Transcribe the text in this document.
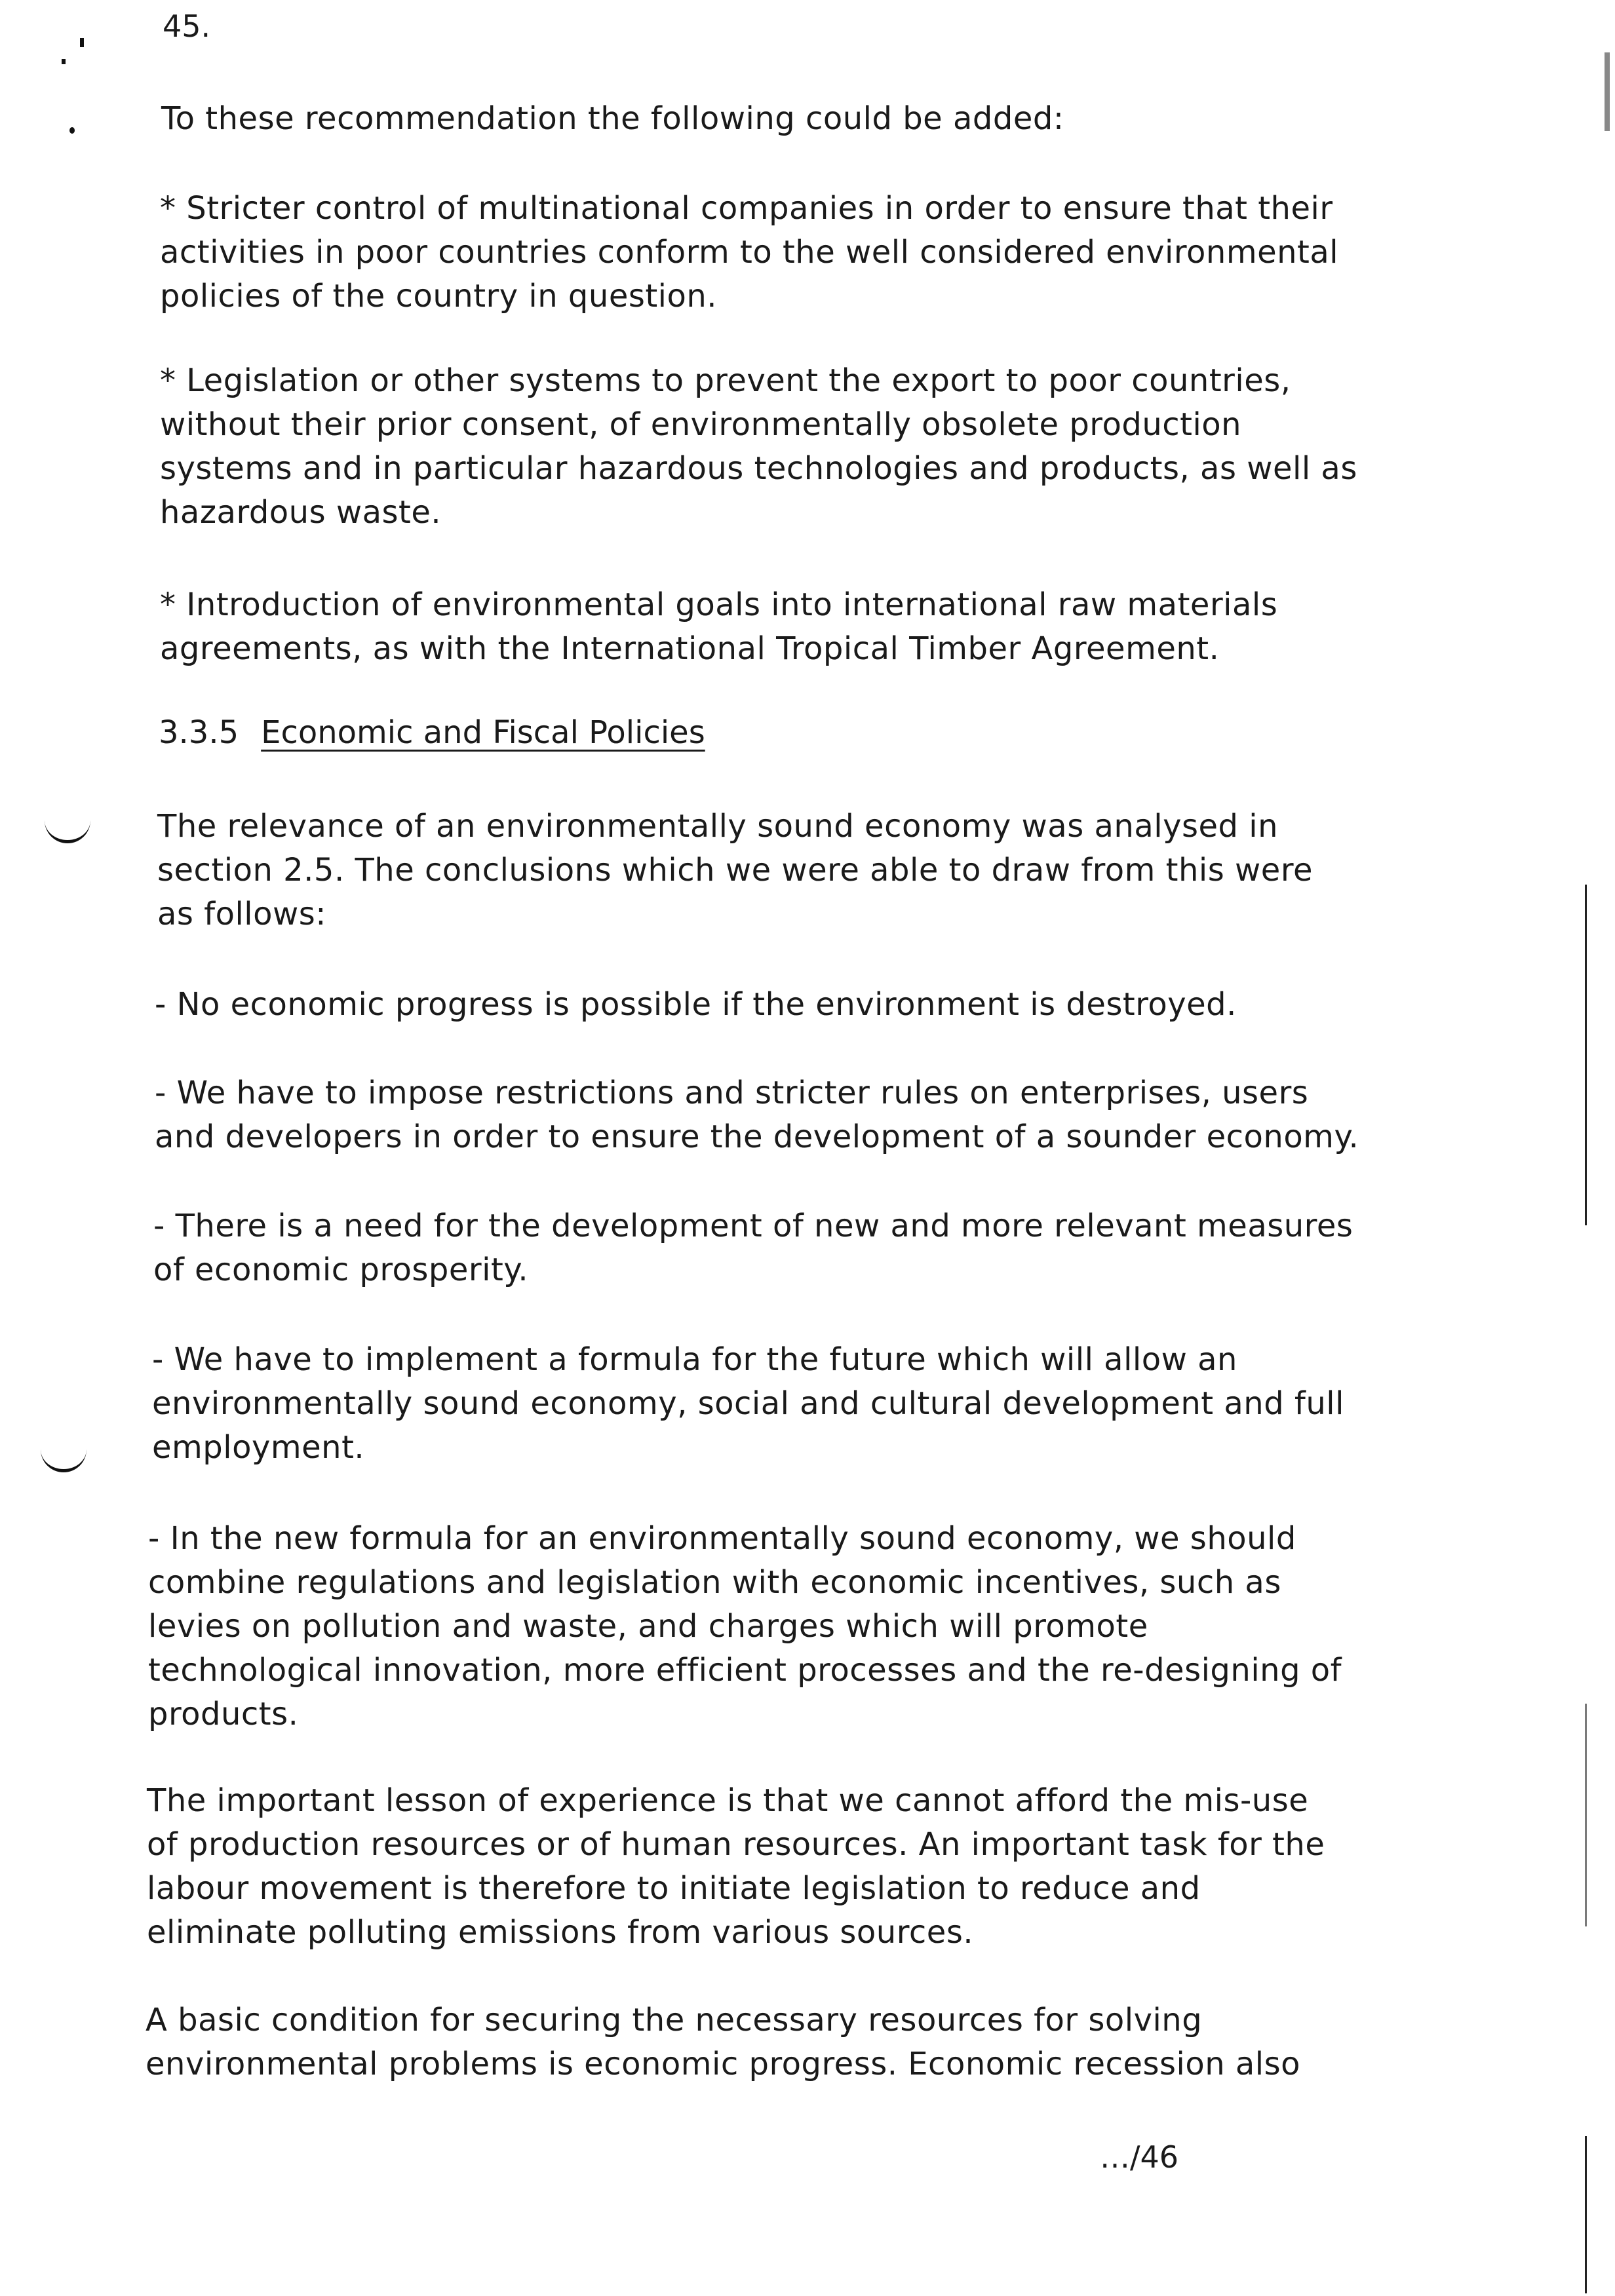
45.
To these recommendation the following could be added:
* Stricter control of multinational companies in order to ensure that their
activities in poor countries conform to the well considered environmental
policies of the country in question.
* Legislation or other systems to prevent the export to poor countries,
without their prior consent, of environmentally obsolete production
systems and in particular hazardous technologies and products, as well as
hazardous waste.
* Introduction of environmental goals into international raw materials
agreements, as with the International Tropical Timber Agreement.
3.3.5 Economic and Fiscal Policies
The relevance of an environmentally sound economy was analysed in
section 2.5. The conclusions which we were able to draw from this were
as follows:
- No economic progress is possible if the environment is destroyed.
- We have to impose restrictions and stricter rules on enterprises, users
and developers in order to ensure the development of a sounder economy.
- There is a need for the development of new and more relevant measures
of economic prosperity.
- We have to implement a formula for the future which will allow an
environmentally sound economy, social and cultural development and full
employment.
- In the new formula for an environmentally sound economy, we should
combine regulations and legislation with economic incentives, such as
levies on pollution and waste, and charges which will promote
technological innovation, more efficient processes and the re-designing of
products.
The important lesson of experience is that we cannot afford the mis-use
of production resources or of human resources. An important task for the
labour movement is therefore to initiate legislation to reduce and
eliminate polluting emissions from various sources.
A basic condition for securing the necessary resources for solving
environmental problems is economic progress. Economic recession also
…/46
